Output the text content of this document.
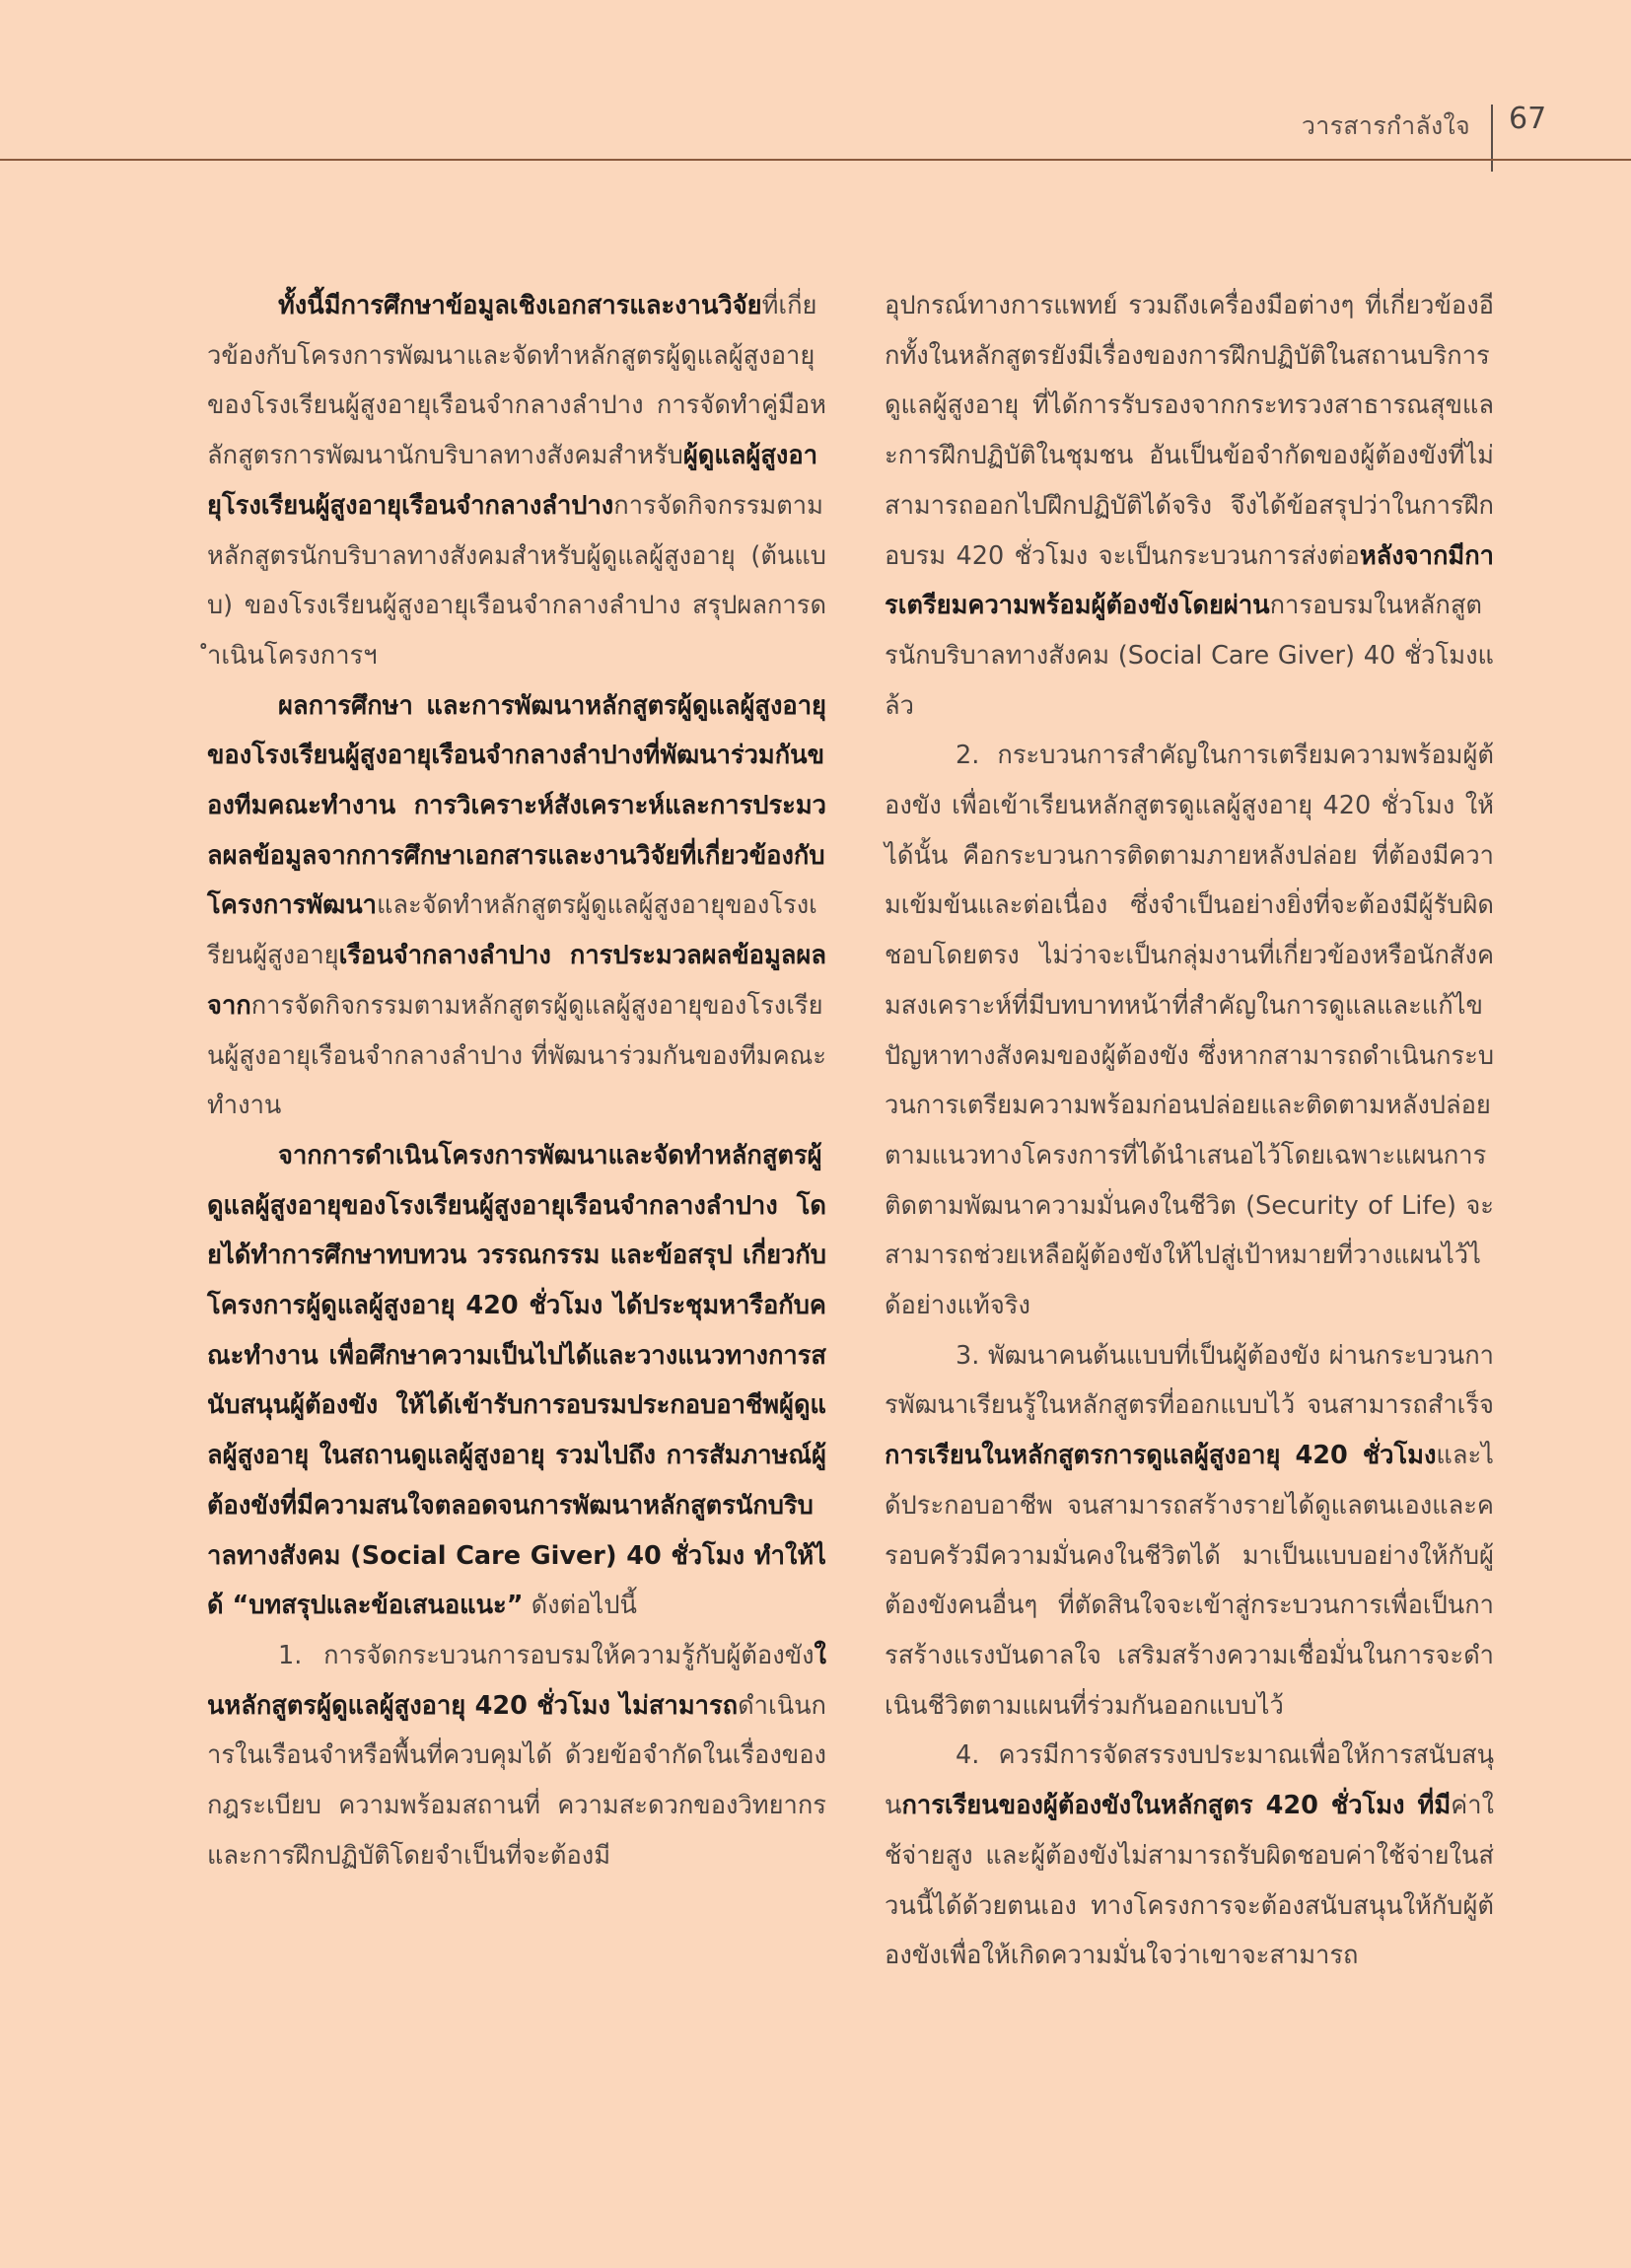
วารสารกำลังใจ 67

ทั้งนี้มีการศึกษาข้อมูลเชิงเอกสารและงานวิจัยที่เกี่ยวข้องกับโครงการพัฒนาและจัดทำหลักสูตรผู้ดูแลผู้สูงอายุของโรงเรียนผู้สูงอายุเรือนจำกลางลำปาง การจัดทำคู่มือหลักสูตรการพัฒนานักบริบาลทางสังคมสำหรับผู้ดูแลผู้สูงอายุโรงเรียนผู้สูงอายุเรือนจำกลางลำปางการจัดกิจกรรมตามหลักสูตรนักบริบาลทางสังคมสำหรับผู้ดูแลผู้สูงอายุ (ต้นแบบ) ของโรงเรียนผู้สูงอายุเรือนจำกลางลำปาง สรุปผลการดำเนินโครงการฯ

ผลการศึกษา และการพัฒนาหลักสูตรผู้ดูแลผู้สูงอายุของโรงเรียนผู้สูงอายุเรือนจำกลางลำปางที่พัฒนาร่วมกันของทีมคณะทำงาน การวิเคราะห์สังเคราะห์และการประมวลผลข้อมูลจากการศึกษาเอกสารและงานวิจัยที่เกี่ยวข้องกับโครงการพัฒนาและจัดทำหลักสูตรผู้ดูแลผู้สูงอายุของโรงเรียนผู้สูงอายุเรือนจำกลางลำปาง การประมวลผลข้อมูลผลจากการจัดกิจกรรมตามหลักสูตรผู้ดูแลผู้สูงอายุของโรงเรียนผู้สูงอายุเรือนจำกลางลำปาง ที่พัฒนาร่วมกันของทีมคณะทำงาน

จากการดำเนินโครงการพัฒนาและจัดทำหลักสูตรผู้ดูแลผู้สูงอายุของโรงเรียนผู้สูงอายุเรือนจำกลางลำปาง โดยได้ทำการศึกษาทบทวน วรรณกรรม และข้อสรุป เกี่ยวกับโครงการผู้ดูแลผู้สูงอายุ 420 ชั่วโมง ได้ประชุมหารือกับคณะทำงาน เพื่อศึกษาความเป็นไปได้และวางแนวทางการสนับสนุนผู้ต้องขัง ให้ได้เข้ารับการอบรมประกอบอาชีพผู้ดูแลผู้สูงอายุ ในสถานดูแลผู้สูงอายุ รวมไปถึง การสัมภาษณ์ผู้ต้องขังที่มีความสนใจตลอดจนการพัฒนาหลักสูตรนักบริบาลทางสังคม (Social Care Giver) 40 ชั่วโมง ทำให้ได้ “บทสรุปและข้อเสนอแนะ” ดังต่อไปนี้

1. การจัดกระบวนการอบรมให้ความรู้กับผู้ต้องขังในหลักสูตรผู้ดูแลผู้สูงอายุ 420 ชั่วโมง ไม่สามารถดำเนินการในเรือนจำหรือพื้นที่ควบคุมได้ ด้วยข้อจำกัดในเรื่องของกฎระเบียบ ความพร้อมสถานที่ ความสะดวกของวิทยากร และการฝึกปฏิบัติโดยจำเป็นที่จะต้องมี

อุปกรณ์ทางการแพทย์ รวมถึงเครื่องมือต่างๆ ที่เกี่ยวข้องอีกทั้งในหลักสูตรยังมีเรื่องของการฝึกปฏิบัติในสถานบริการดูแลผู้สูงอายุ ที่ได้การรับรองจากกระทรวงสาธารณสุขและการฝึกปฏิบัติในชุมชน อันเป็นข้อจำกัดของผู้ต้องขังที่ไม่สามารถออกไปฝึกปฏิบัติได้จริง จึงได้ข้อสรุปว่าในการฝึกอบรม 420 ชั่วโมง จะเป็นกระบวนการส่งต่อหลังจากมีการเตรียมความพร้อมผู้ต้องขังโดยผ่านการอบรมในหลักสูตรนักบริบาลทางสังคม (Social Care Giver) 40 ชั่วโมงแล้ว

2. กระบวนการสำคัญในการเตรียมความพร้อมผู้ต้องขัง เพื่อเข้าเรียนหลักสูตรดูแลผู้สูงอายุ 420 ชั่วโมง ให้ได้นั้น คือกระบวนการติดตามภายหลังปล่อย ที่ต้องมีความเข้มข้นและต่อเนื่อง ซึ่งจำเป็นอย่างยิ่งที่จะต้องมีผู้รับผิดชอบโดยตรง ไม่ว่าจะเป็นกลุ่มงานที่เกี่ยวข้องหรือนักสังคมสงเคราะห์ที่มีบทบาทหน้าที่สำคัญในการดูแลและแก้ไขปัญหาทางสังคมของผู้ต้องขัง ซึ่งหากสามารถดำเนินกระบวนการเตรียมความพร้อมก่อนปล่อยและติดตามหลังปล่อยตามแนวทางโครงการที่ได้นำเสนอไว้โดยเฉพาะแผนการติดตามพัฒนาความมั่นคงในชีวิต (Security of Life) จะสามารถช่วยเหลือผู้ต้องขังให้ไปสู่เป้าหมายที่วางแผนไว้ได้อย่างแท้จริง

3. พัฒนาคนต้นแบบที่เป็นผู้ต้องขัง ผ่านกระบวนการพัฒนาเรียนรู้ในหลักสูตรที่ออกแบบไว้ จนสามารถสำเร็จการเรียนในหลักสูตรการดูแลผู้สูงอายุ 420 ชั่วโมงและได้ประกอบอาชีพ จนสามารถสร้างรายได้ดูแลตนเองและครอบครัวมีความมั่นคงในชีวิตได้ มาเป็นแบบอย่างให้กับผู้ต้องขังคนอื่นๆ ที่ตัดสินใจจะเข้าสู่กระบวนการเพื่อเป็นการสร้างแรงบันดาลใจ เสริมสร้างความเชื่อมั่นในการจะดำเนินชีวิตตามแผนที่ร่วมกันออกแบบไว้

4. ควรมีการจัดสรรงบประมาณเพื่อให้การสนับสนุนการเรียนของผู้ต้องขังในหลักสูตร 420 ชั่วโมง ที่มีค่าใช้จ่ายสูง และผู้ต้องขังไม่สามารถรับผิดชอบค่าใช้จ่ายในส่วนนี้ได้ด้วยตนเอง ทางโครงการจะต้องสนับสนุนให้กับผู้ต้องขังเพื่อให้เกิดความมั่นใจว่าเขาจะสามารถ
